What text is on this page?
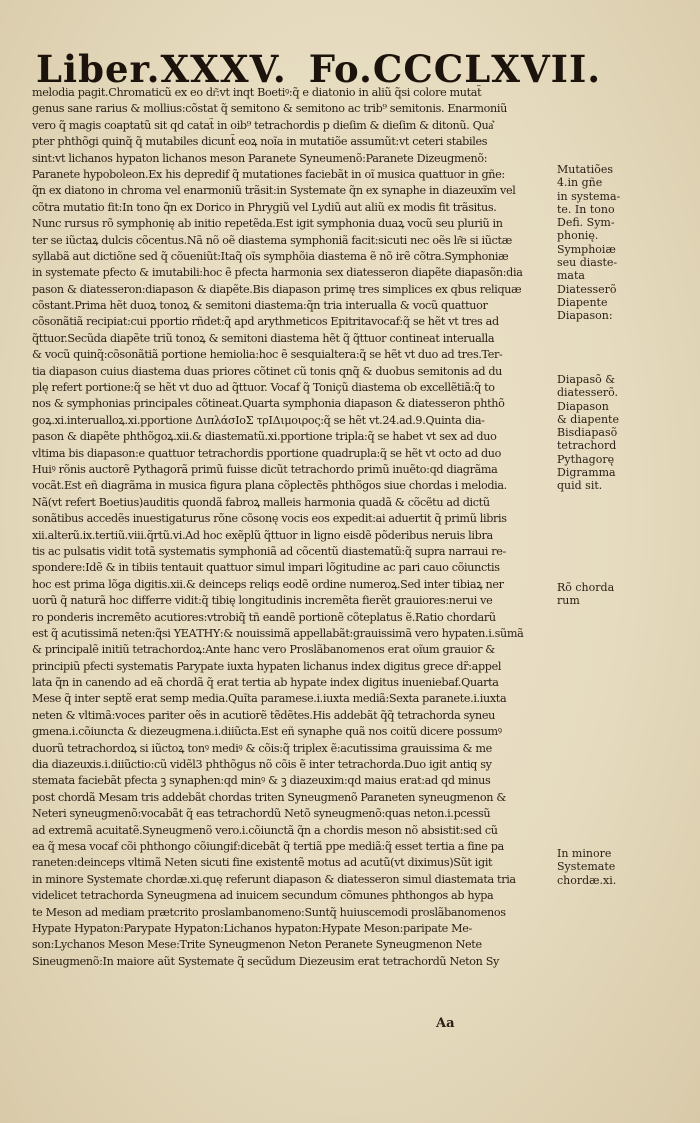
Liber.XXXV. Fo.CCCLXVII.
melodia pagit.Chromaticũ ex eo dr͂:vt inqt Boetiꝰ:q̃ e diatonio in aliũ q̃si colore mutat̃
genus sane rarius & mollius:cõstat q̃ semitono & semitono ac trib⁹ semitonis. Enarmoniũ
vero q̃ magis coaptatũ sit qd catat̃ in oib⁹ tetrachordis p dieſim & dieſim & ditonũ. Qua͛
pter phthõgi quinq̃ q̃ mutabiles dicunt̃ eoꝝ noĩa in mutatiõe assumũt:vt ceteri stabiles
sint:vt lichanos hypaton lichanos meson Paranete Syneumenõ:Paranete Dizeugmenõ:
Paranete hypoboleon.Ex his depredif q̃ mutationes faciebãt in oĩ musica quattuor in gñe:
q̃n ex diatono in chroma vel enarmoniũ trãsit:in Systemate q̃n ex synaphe in diazeuxĩm vel
cõtra mutatio fit:In tono q̃n ex Dorico in Phrygiũ vel Lydiũ aut aliũ ex modis fit trãsitus.
Nunc rursus rõ symphonię ab initio repetẽda.Est igit symphonia duaꝝ vocũ seu pluriũ in
ter se iũctaꝝ dulcis cõcentus.Nã nõ oẽ diastema symphoniã facit:sicuti nec oẽs lr͂e si iũctæ
syllabã aut dictiõne sed q̃ cõueniũt:Itaq̃ oĩs symphõia diastema ẽ nõ irẽ cõtra.Symphoniæ
in systemate pfecto & imutabili:hoc ẽ pfecta harmonia sex diatesseron diapẽte diapasõn:dia
pason & diatesseron:diapason & diapẽte.Bis diapason primę tres simplices ex qbus reliquæ
cõstant.Prima hẽt duoꝝ tonoꝝ & semitoni diastema:q̃n tria interualla & vocũ quattuor
cõsonãtiã recipiat:cui pportio rñdet:q̃ apd arythmeticos Epitritavocaf:q̃ se hẽt vt tres ad
q̃ttuor.Secũda diapẽte triũ tonoꝝ & semitoni diastema hẽt q̃ q̃ttuor contineat interualla
& vocũ quinq̃:cõsonãtiã portione hemiolia:hoc ẽ sesquialtera:q̃ se hẽt vt duo ad tres.Ter-
tia diapason cuius diastema duas priores cõtinet cũ tonis qnq̃ & duobus semitonis ad du
plę refert portione:q̃ se hẽt vt duo ad q̃ttuor. Vocaf q̃ Toniçũ diastema ob excellẽtiã:q̃ to
nos & symphonias principales cõtineat.Quarta symphonia diapason & diatesseron phthõ
goꝝ.xi.interualloꝝ.xi.pportione ΔιπλάσΙοΣ τρΙΔιμοιρος:q̃ se hẽt vt.24.ad.9.Quinta dia-
pason & diapẽte phthõgoꝝ.xii.& diastematũ.xi.pportione tripla:q̃ se habet vt sex ad duo
vltima bis diapason:e quattuor tetrachordis pportione quadrupla:q̃ se hẽt vt octo ad duo
Huiꝰ rõnis auctorẽ Pythagorã primũ fuisse dicũt tetrachordo primũ inuẽto:qd diagrãma
vocãt.Est eñ diagrãma in musica figura plana cõplectẽs phthõgos siue chordas i melodia.
Nã(vt refert Boetius)auditis quondã fabroꝝ malleis harmonia quadã & cõcẽtu ad dictũ
sonãtibus accedẽs inuestigaturus rõne cõsonę vocis eos expedit:ai aduertit q̃ primũ libris
xii.alterũ.ix.tertiũ.viii.q̃rtũ.vi.Ad hoc exẽplũ q̃ttuor in ligno eisdẽ põderibus neruis libra
tis ac pulsatis vidit totã systematis symphoniã ad cõcentũ diastematũ:q̃ supra narraui re-
spondere:Idẽ & in tibiis tentauit quattuor simul impari lõgitudine ac pari cauo cõiunctis
hoc est prima lõga digitis.xii.& deinceps reliqs eodẽ ordine numeroꝝ.Sed inter tibiaꝝ ner
uorũ q̃ naturã hoc differre vidit:q̃ tibię longitudinis incremẽta fierẽt grauiores:nerui ve
ro ponderis incremẽto acutiores:vtrobiq̃ tñ eandẽ portionẽ cõteplatus ẽ.Ratio chordarũ
est q̃ acutissimã neten:q̃si ΥΕΑΤΗΥ:& nouissimã appellabãt:grauissimã vero hypaten.i.sũmã
& principalẽ initiũ tetrachordoꝝ:Ante hanc vero Proslãbanomenos erat oĩum grauior &
principiũ pfecti systematis Parypate iuxta hypaten lichanus index digitus grece dr̃:appel
lata q̃n in canendo ad eã chordã q̃ erat tertia ab hypate index digitus inueniebaf.Quarta
Mese q̃ inter septẽ erat semp media.Quĩta paramese.i.iuxta mediã:Sexta paranete.i.iuxta
neten & vltimã:voces pariter oẽs in acutiorẽ tẽdẽtes.His addebãt q̃q̃ tetrachorda syneu
gmena.i.cõiuncta & diezeugmena.i.diiũcta.Est eñ synaphe quã nos coitũ dicere possumꝰ
duorũ tetrachordoꝝ si iũctoꝝ tonꝰ mediꝰ & cõis:q̃ triplex ẽ:acutissima grauissima & me
dia diazeuxis.i.diiũctio:cũ vidẽl3 phthõgus nõ cõis ẽ inter tetrachorda.Duo igit antiq sy
stemata faciebãt pfecta ꝫ synaphen:qd minꝰ & ꝫ diazeuxim:qd maius erat:ad qd minus
post chordã Mesam tris addebãt chordas triten Syneugmenõ Paraneten syneugmenon &
Neteri syneugmenõ:vocabãt q̃ eas tetrachordũ Netõ syneugmenõ:quas neton.i.pcessũ
ad extremã acuitatẽ.Syneugmenõ vero.i.cõiunctã q̃n a chordis meson nõ absistit:sed cũ
ea q̃ mesa vocaf cõi phthongo cõiungif:dicebãt q̃ tertiã ppe mediã:q̃ esset tertia a fine pa
raneten:deinceps vltimã Neten sicuti fine existentẽ motus ad acutũ(vt diximus)Sũt igit
in minore Systemate chordæ.xi.quę referunt diapason & diatesseron simul diastemata tria
videlicet tetrachorda Syneugmena ad inuicem secundum cõmunes phthongos ab hypa
te Meson ad mediam prætcrito proslambanomeno:Suntq̃ huiuscemodi proslãbanomenos
Hypate Hypaton:Parypate Hypaton:Lichanos hypaton:Hypate Meson:paripate Me-
son:Lychanos Meson Mese:Trite Syneugmenon Neton Peranete Syneugmenon Nete
Sineugmenõ:In maiore aũt Systemate q̃ secũdum Diezeusim erat tetrachordũ Neton Sy
Mutatiões
4.in gñe
in systema-
te. In tono
Defi. Sym-
phonię.
Symphoiæ
seu diaste-
mata
Diatesserõ
Diapente
Diapason:
Diapasõ &
diatesserõ.
Diapason
& diapente
Bisdiapasõ
tetrachord
Pythagorę
Digramma
quid sit.
Rõ chorda
rum
In minore
Systemate
chordæ.xi.
Aa
